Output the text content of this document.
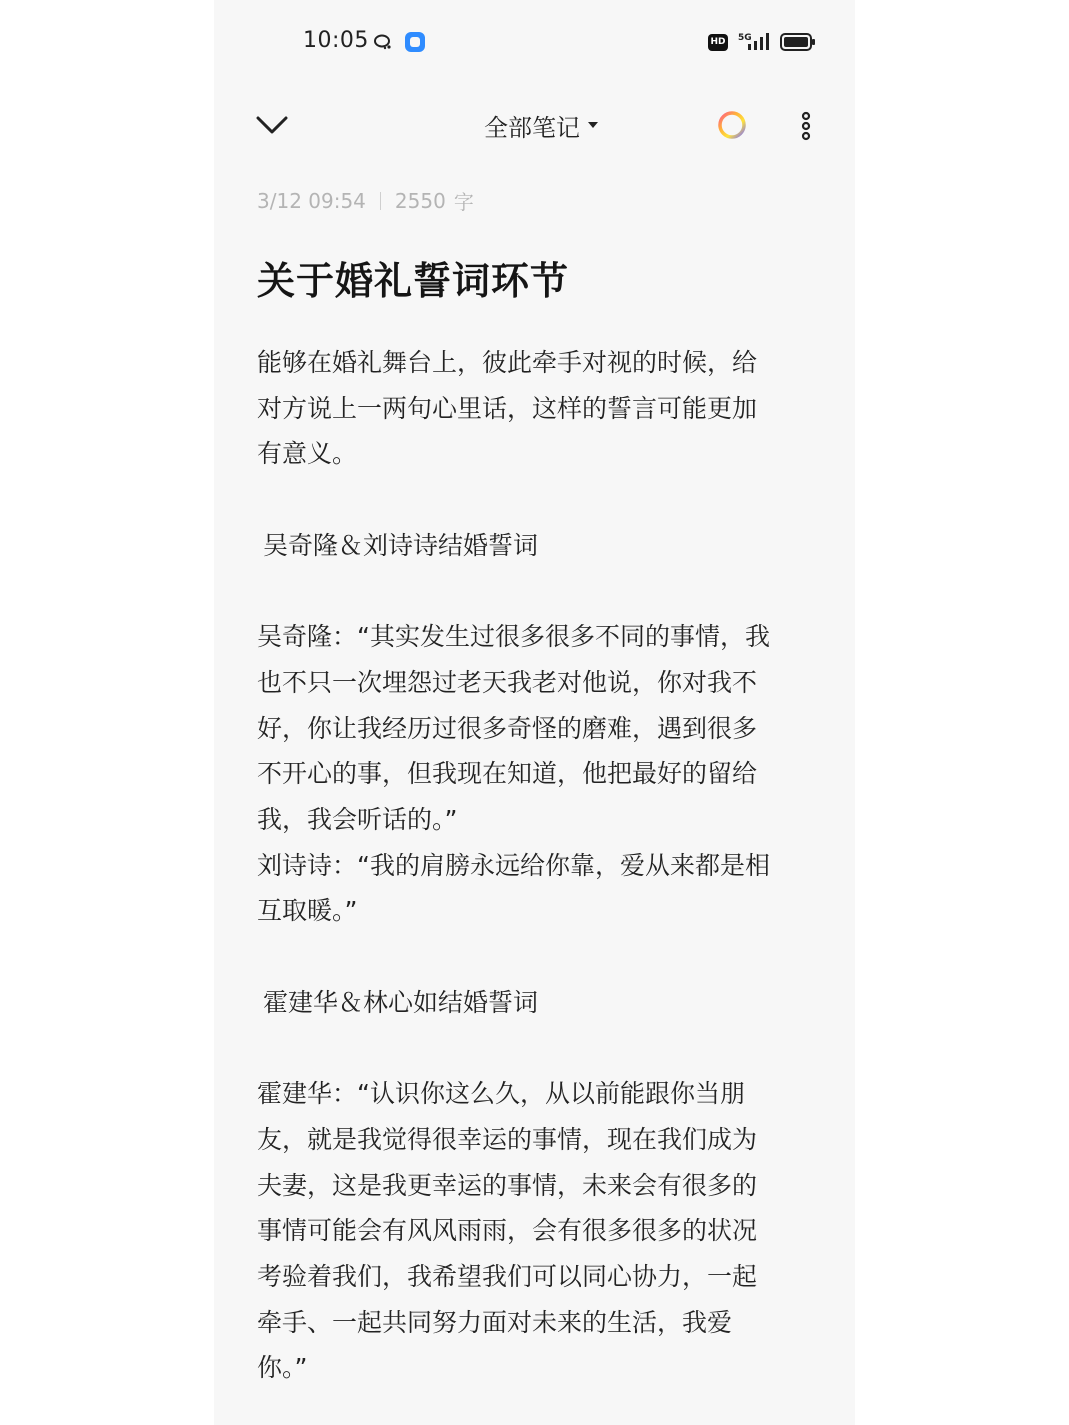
10:05	HD 5G
全部笔记
3/12 09:54 2550 字
关于婚礼誓词环节
能够在婚礼舞台上，彼此牵手对视的时候，给
对方说上一两句心里话，这样的誓言可能更加
有意义。

吴奇隆＆刘诗诗结婚誓词

吴奇隆：“其实发生过很多很多不同的事情，我
也不只一次埋怨过老天我老对他说，你对我不
好，你让我经历过很多奇怪的磨难，遇到很多
不开心的事，但我现在知道，他把最好的留给
我，我会听话的。”
刘诗诗：“我的肩膀永远给你靠，爱从来都是相
互取暖。”

霍建华＆林心如结婚誓词

霍建华：“认识你这么久，从以前能跟你当朋
友，就是我觉得很幸运的事情，现在我们成为
夫妻，这是我更幸运的事情，未来会有很多的
事情可能会有风风雨雨，会有很多很多的状况
考验着我们，我希望我们可以同心协力，一起
牵手、一起共同努力面对未来的生活，我爱
你。”
